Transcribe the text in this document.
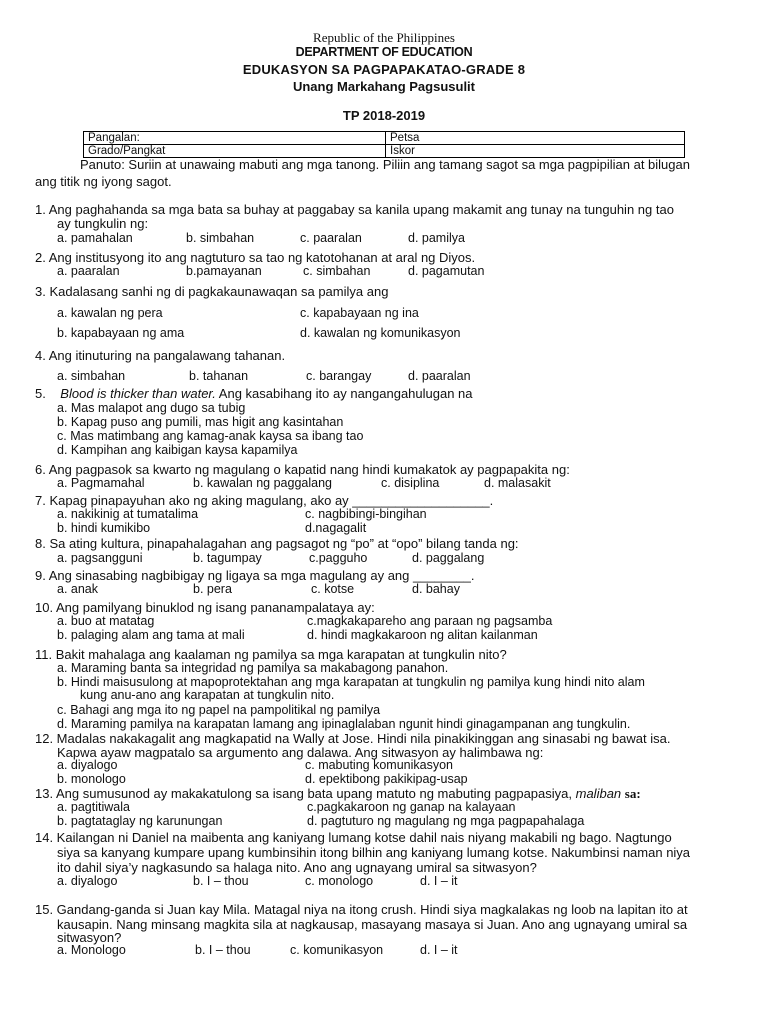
Republic of the Philippines
DEPARTMENT OF EDUCATION
EDUKASYON SA PAGPAPAKATAO-GRADE 8
Unang Markahang Pagsusulit
TP 2018-2019
Pangalan:	Petsa
Grado/Pangkat	Iskor
Panuto: Suriin at unawaing mabuti ang mga tanong. Piliin ang tamang sagot sa mga pagpipilian at bilugan
ang titik ng iyong sagot.
1. Ang paghahanda sa mga bata sa buhay at paggabay sa kanila upang makamit ang tunay na tunguhin ng tao
ay tungkulin ng:
a. pamahalan	b. simbahan	c. paaralan	d. pamilya
2. Ang institusyong ito ang nagtuturo sa tao ng katotohanan at aral ng Diyos.
a. paaralan	b.pamayanan	c. simbahan	d. pagamutan
3. Kadalasang sanhi ng di pagkakaunawaqan sa pamilya ang
a. kawalan ng pera	c. kapabayaan ng ina
b. kapabayaan ng ama	d. kawalan ng komunikasyon
4. Ang itinuturing na pangalawang tahanan.
a. simbahan	b. tahanan	c. barangay	d. paaralan
5. Blood is thicker than water. Ang kasabihang ito ay nangangahulugan na
a. Mas malapot ang dugo sa tubig
b. Kapag puso ang pumili, mas higit ang kasintahan
c. Mas matimbang ang kamag-anak kaysa sa ibang tao
d. Kampihan ang kaibigan kaysa kapamilya
6. Ang pagpasok sa kwarto ng magulang o kapatid nang hindi kumakatok ay pagpapakita ng:
a. Pagmamahal	b. kawalan ng paggalang	c. disiplina	d. malasakit
7. Kapag pinapayuhan ako ng aking magulang, ako ay ___________________.
a. nakikinig at tumatalima	c. nagbibingi-bingihan
b. hindi kumikibo	d.nagagalit
8. Sa ating kultura, pinapahalagahan ang pagsagot ng “po” at “opo” bilang tanda ng:
a. pagsangguni	b. tagumpay	c.pagguho	d. paggalang
9. Ang sinasabing nagbibigay ng ligaya sa mga magulang ay ang ________.
a. anak	b. pera	c. kotse	d. bahay
10. Ang pamilyang binuklod ng isang pananampalataya ay:
a. buo at matatag	c.magkakapareho ang paraan ng pagsamba
b. palaging alam ang tama at mali	d. hindi magkakaroon ng alitan kailanman
11. Bakit mahalaga ang kaalaman ng pamilya sa mga karapatan at tungkulin nito?
a. Maraming banta sa integridad ng pamilya sa makabagong panahon.
b. Hindi maisusulong at mapoprotektahan ang mga karapatan at tungkulin ng pamilya kung hindi nito alam
kung anu-ano ang karapatan at tungkulin nito.
c. Bahagi ang mga ito ng papel na pampolitikal ng pamilya
d. Maraming pamilya na karapatan lamang ang ipinaglalaban ngunit hindi ginagampanan ang tungkulin.
12. Madalas nakakagalit ang magkapatid na Wally at Jose. Hindi nila pinakikinggan ang sinasabi ng bawat isa.
Kapwa ayaw magpatalo sa argumento ang dalawa. Ang sitwasyon ay halimbawa ng:
a. diyalogo	c. mabuting komunikasyon
b. monologo	d. epektibong pakikipag-usap
13. Ang sumusunod ay makakatulong sa isang bata upang matuto ng mabuting pagpapasiya, maliban sa:
a. pagtitiwala	c.pagkakaroon ng ganap na kalayaan
b. pagtataglay ng karunungan	d. pagtuturo ng magulang ng mga pagpapahalaga
14. Kailangan ni Daniel na maibenta ang kaniyang lumang kotse dahil nais niyang makabili ng bago. Nagtungo
siya sa kanyang kumpare upang kumbinsihin itong bilhin ang kaniyang lumang kotse. Nakumbinsi naman niya
ito dahil siya’y nagkasundo sa halaga nito. Ano ang ugnayang umiral sa sitwasyon?
a. diyalogo	b. I – thou	c. monologo	d. I – it
15. Gandang-ganda si Juan kay Mila. Matagal niya na itong crush. Hindi siya magkalakas ng loob na lapitan ito at
kausapin. Nang minsang magkita sila at nagkausap, masayang masaya si Juan. Ano ang ugnayang umiral sa
sitwasyon?
a. Monologo	b. I – thou	c. komunikasyon	d. I – it
